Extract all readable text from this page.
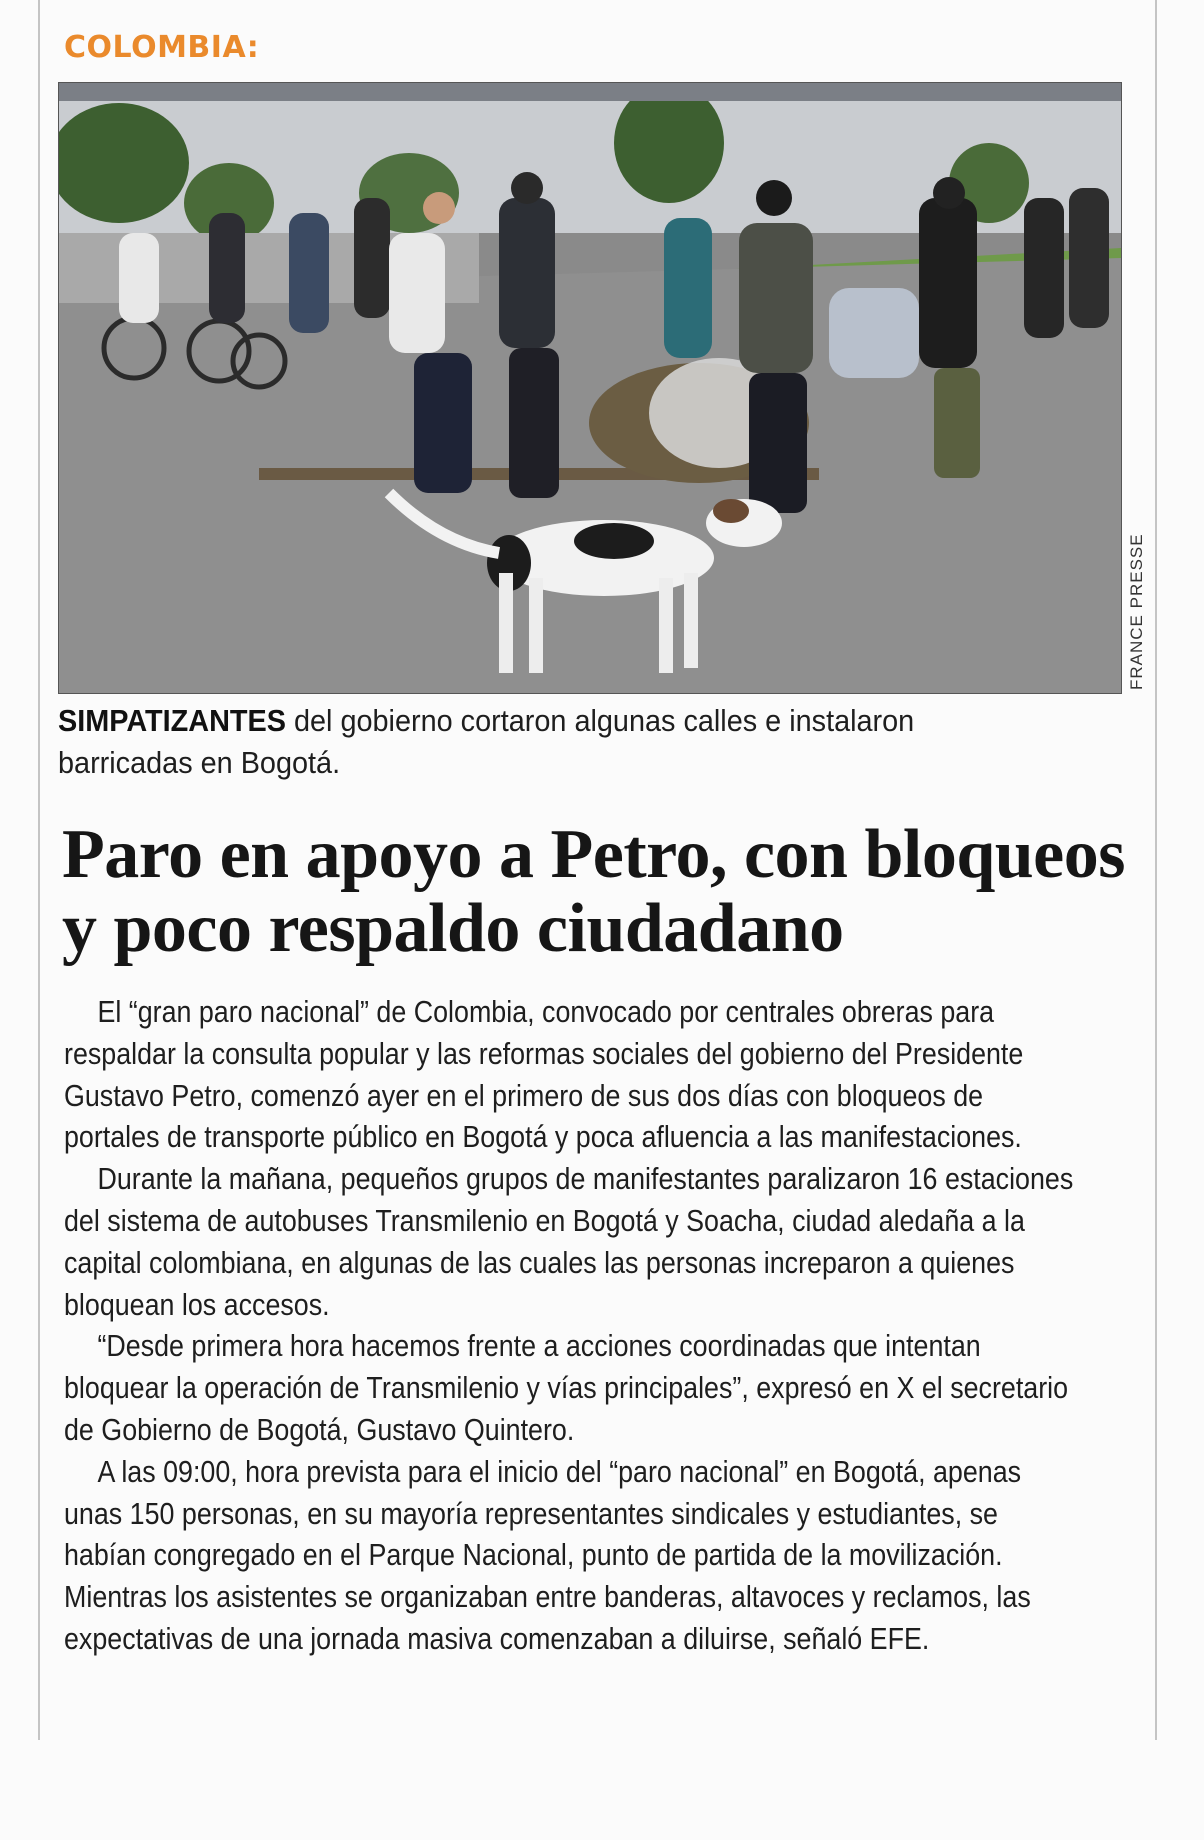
COLOMBIA:
FRANCE PRESSE
SIMPATIZANTES del gobierno cortaron algunas calles e instalaron barricadas en Bogotá.
Paro en apoyo a Petro, con bloqueos y poco respaldo ciudadano

El “gran paro nacional” de Colombia, convocado por centrales obreras para respaldar la consulta popular y las reformas sociales del gobierno del Presidente Gustavo Petro, comenzó ayer en el primero de sus dos días con bloqueos de portales de transporte público en Bogotá y poca afluencia a las manifestaciones.

Durante la mañana, pequeños grupos de manifestantes paralizaron 16 estaciones del sistema de autobuses Transmilenio en Bogotá y Soacha, ciudad aledaña a la capital colombiana, en algunas de las cuales las personas increparon a quienes bloquean los accesos.

“Desde primera hora hacemos frente a acciones coordinadas que intentan bloquear la operación de Transmilenio y vías principales”, expresó en X el secretario de Gobierno de Bogotá, Gustavo Quintero.

A las 09:00, hora prevista para el inicio del “paro nacional” en Bogotá, apenas unas 150 personas, en su mayoría representantes sindicales y estudiantes, se habían congregado en el Parque Nacional, punto de partida de la movilización. Mientras los asistentes se organizaban entre banderas, altavoces y reclamos, las expectativas de una jornada masiva comenzaban a diluirse, señaló EFE.
